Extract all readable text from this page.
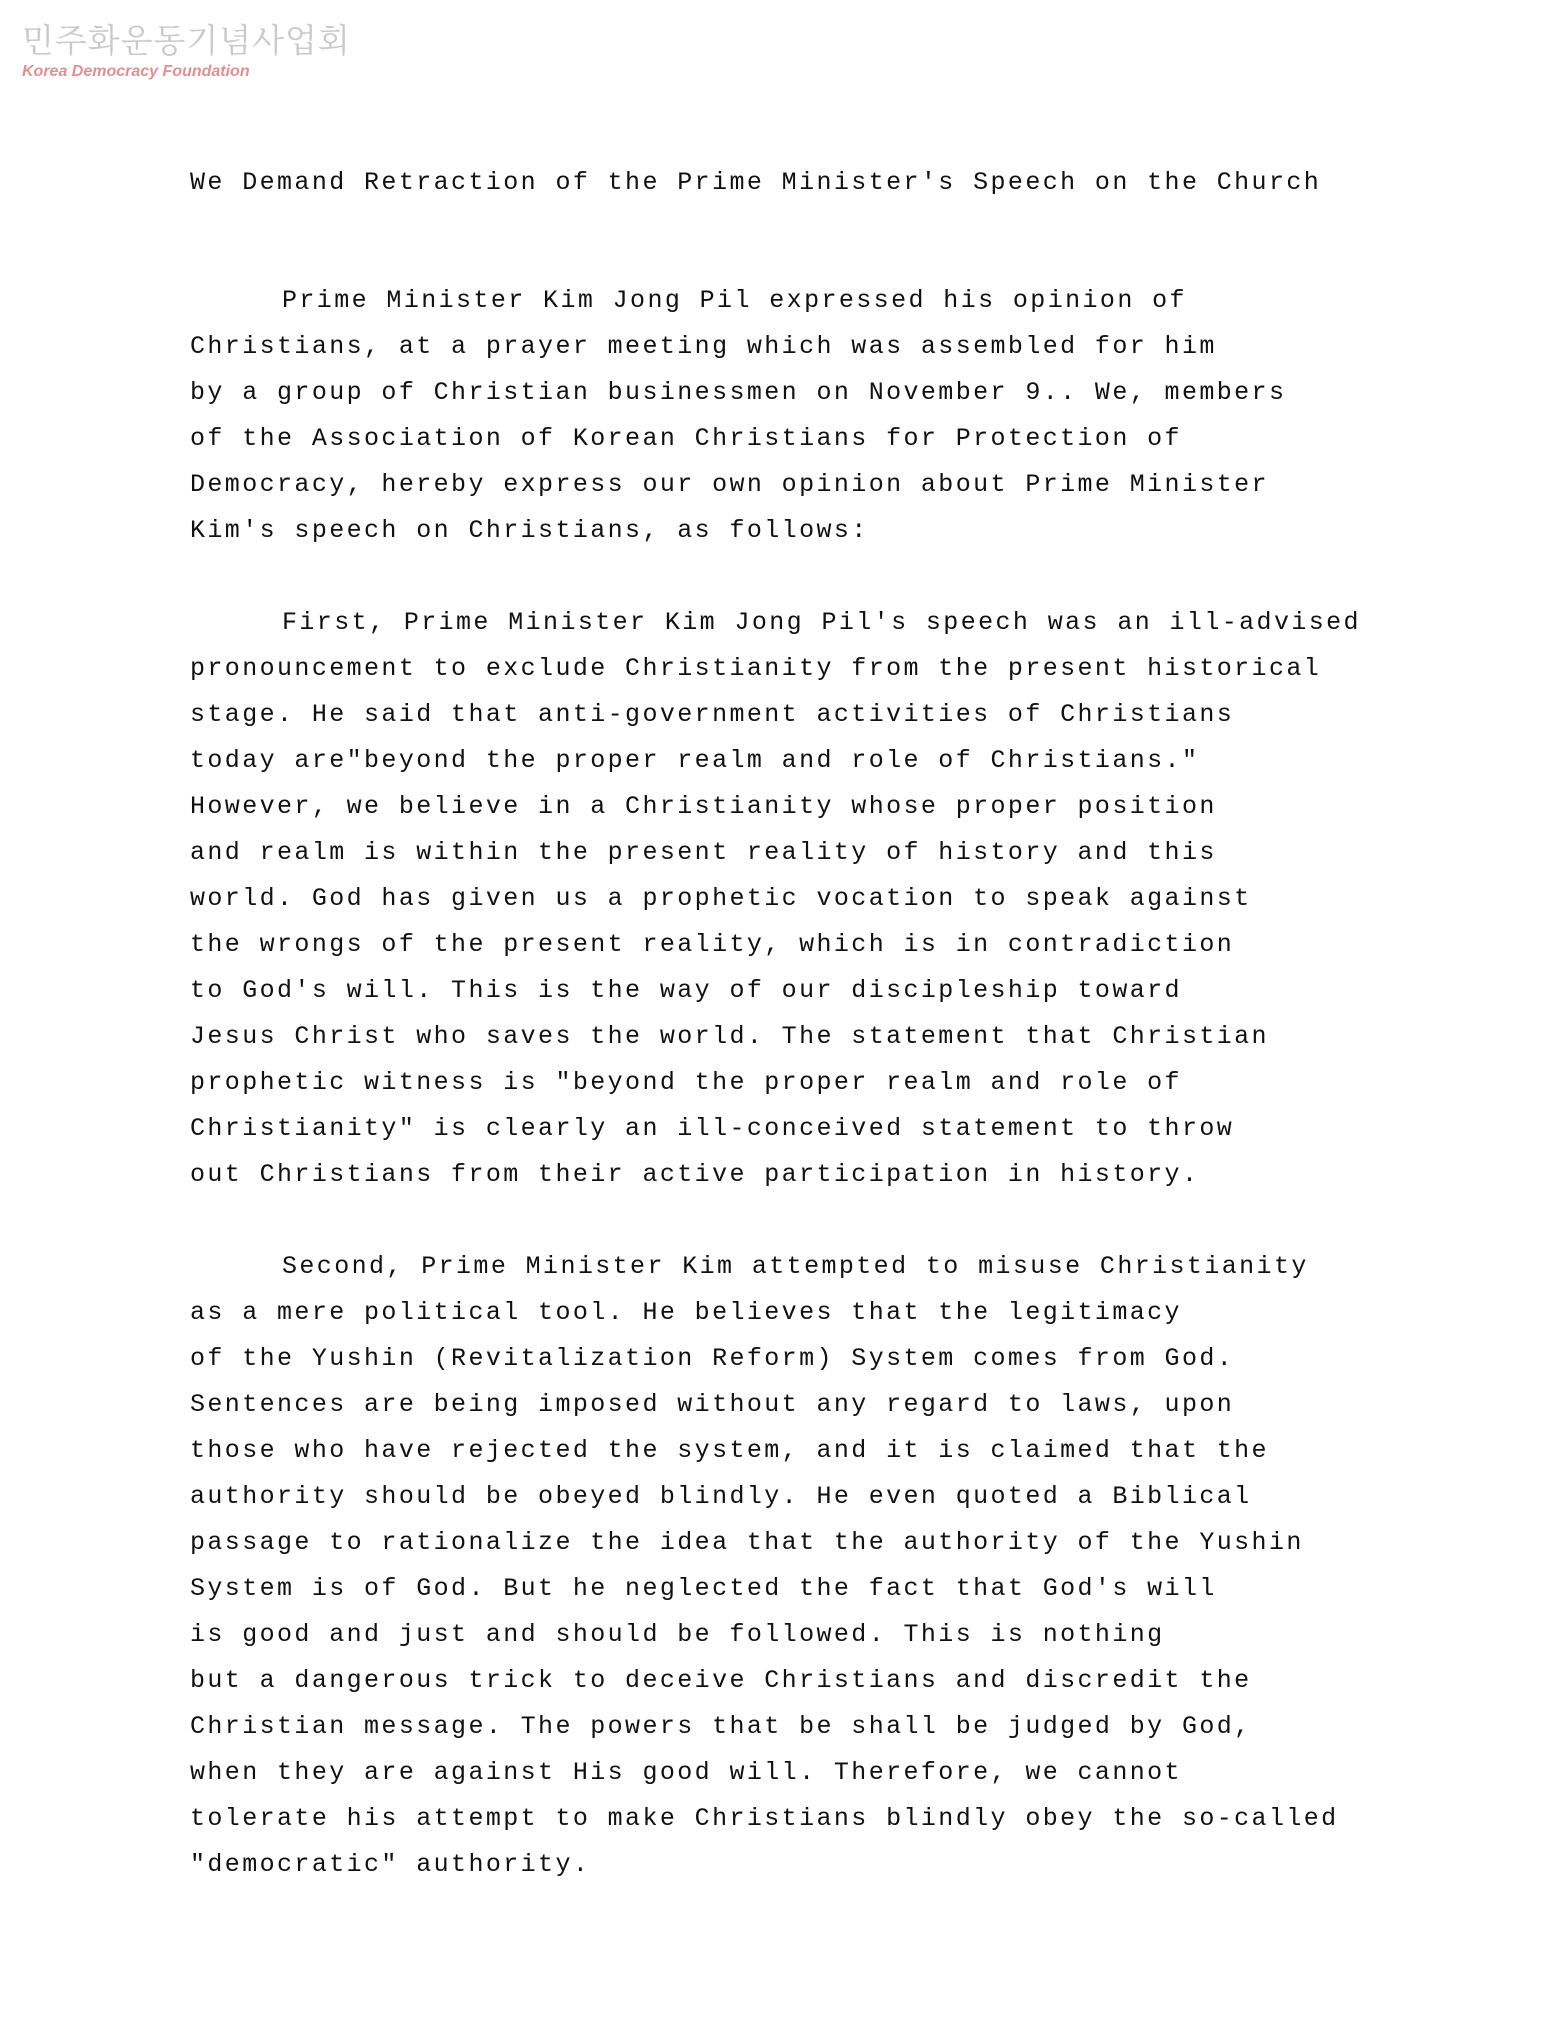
민주화운동기념사업회
Korea Democracy Foundation
We Demand Retraction of the Prime Minister's Speech on the Church
Prime Minister Kim Jong Pil expressed his opinion of
Christians, at a prayer meeting which was assembled for him
by a group of Christian businessmen on November 9.. We, members
of the Association of Korean Christians for Protection of
Democracy, hereby express our own opinion about Prime Minister
Kim's speech on Christians, as follows:
First, Prime Minister Kim Jong Pil's speech was an ill-advised
pronouncement to exclude Christianity from the present historical
stage. He said that anti-government activities of Christians
today are"beyond the proper realm and role of Christians."
However, we believe in a Christianity whose proper position
and realm is within the present reality of history and this
world. God has given us a prophetic vocation to speak against
the wrongs of the present reality, which is in contradiction
to God's will. This is the way of our discipleship toward
Jesus Christ who saves the world. The statement that Christian
prophetic witness is "beyond the proper realm and role of
Christianity" is clearly an ill-conceived statement to throw
out Christians from their active participation in history.
Second, Prime Minister Kim attempted to misuse Christianity
as a mere political tool. He believes that the legitimacy
of the Yushin (Revitalization Reform) System comes from God.
Sentences are being imposed without any regard to laws, upon
those who have rejected the system, and it is claimed that the
authority should be obeyed blindly. He even quoted a Biblical
passage to rationalize the idea that the authority of the Yushin
System is of God. But he neglected the fact that God's will
is good and just and should be followed. This is nothing
but a dangerous trick to deceive Christians and discredit the
Christian message. The powers that be shall be judged by God,
when they are against His good will. Therefore, we cannot
tolerate his attempt to make Christians blindly obey the so-called
"democratic" authority.
